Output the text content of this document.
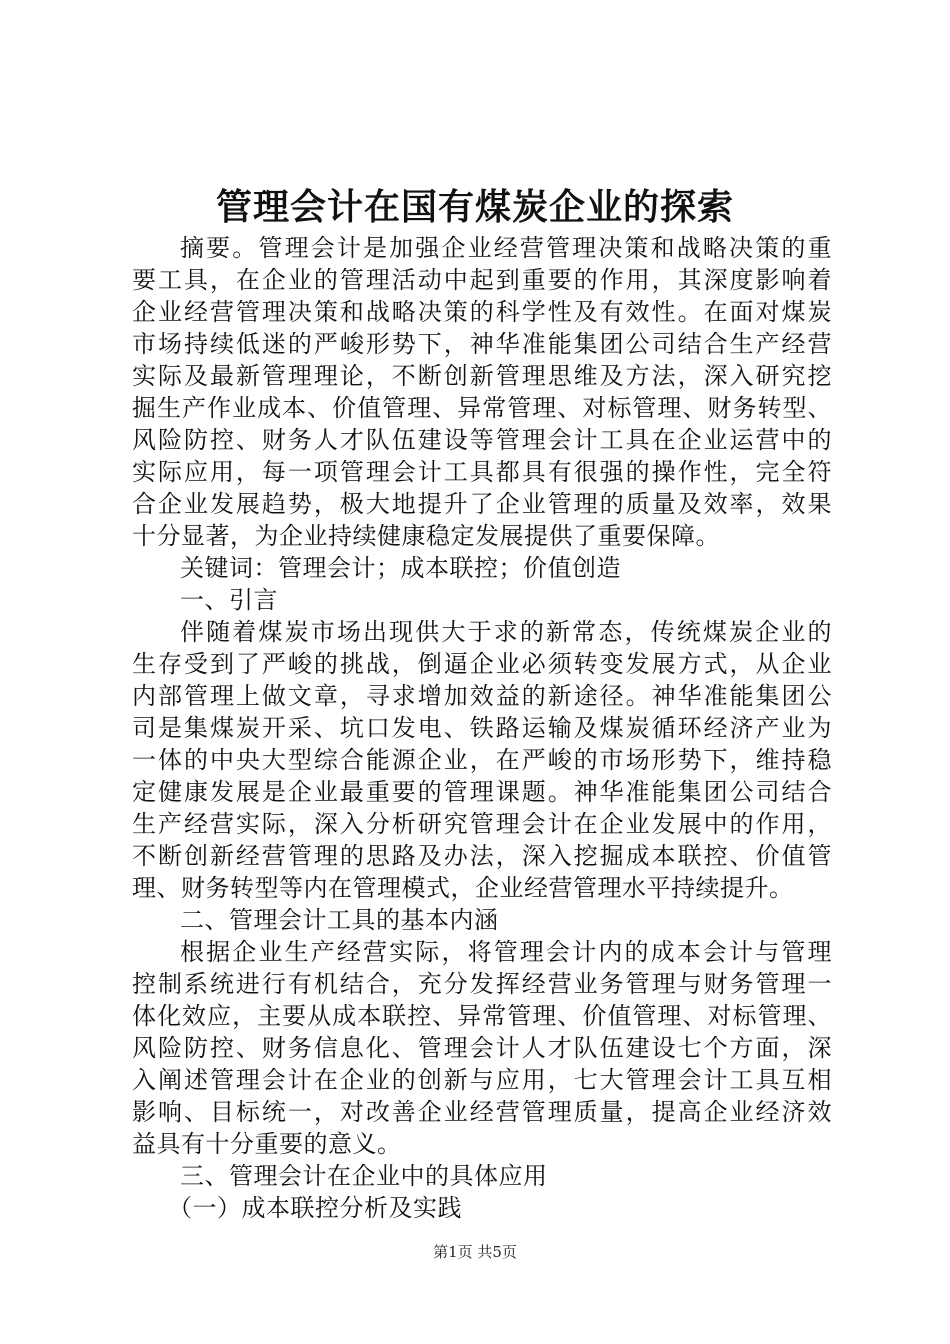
管理会计在国有煤炭企业的探索
摘要。管理会计是加强企业经营管理决策和战略决策的重
要工具，在企业的管理活动中起到重要的作用，其深度影响着
企业经营管理决策和战略决策的科学性及有效性。在面对煤炭
市场持续低迷的严峻形势下，神华准能集团公司结合生产经营
实际及最新管理理论，不断创新管理思维及方法，深入研究挖
掘生产作业成本、价值管理、异常管理、对标管理、财务转型、
风险防控、财务人才队伍建设等管理会计工具在企业运营中的
实际应用，每一项管理会计工具都具有很强的操作性，完全符
合企业发展趋势，极大地提升了企业管理的质量及效率，效果
十分显著，为企业持续健康稳定发展提供了重要保障。
关键词：管理会计；成本联控；价值创造
一、引言
伴随着煤炭市场出现供大于求的新常态，传统煤炭企业的
生存受到了严峻的挑战，倒逼企业必须转变发展方式，从企业
内部管理上做文章，寻求增加效益的新途径。神华准能集团公
司是集煤炭开采、坑口发电、铁路运输及煤炭循环经济产业为
一体的中央大型综合能源企业，在严峻的市场形势下，维持稳
定健康发展是企业最重要的管理课题。神华准能集团公司结合
生产经营实际，深入分析研究管理会计在企业发展中的作用，
不断创新经营管理的思路及办法，深入挖掘成本联控、价值管
理、财务转型等内在管理模式，企业经营管理水平持续提升。
二、管理会计工具的基本内涵
根据企业生产经营实际，将管理会计内的成本会计与管理
控制系统进行有机结合，充分发挥经营业务管理与财务管理一
体化效应，主要从成本联控、异常管理、价值管理、对标管理、
风险防控、财务信息化、管理会计人才队伍建设七个方面，深
入阐述管理会计在企业的创新与应用，七大管理会计工具互相
影响、目标统一，对改善企业经营管理质量，提高企业经济效
益具有十分重要的意义。
三、管理会计在企业中的具体应用
（一）成本联控分析及实践
第1页 共5页
